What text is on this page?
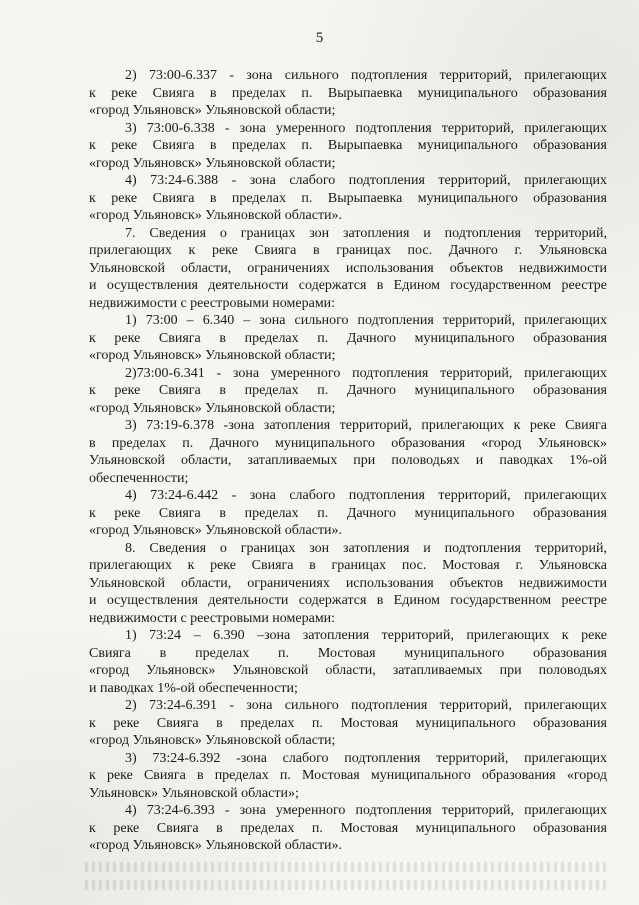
5
2) 73:00-6.337 - зона сильного подтопления территорий, прилегающих
к реке Свияга в пределах п. Вырыпаевка муниципального образования
«город Ульяновск» Ульяновской области;
3) 73:00-6.338 - зона умеренного подтопления территорий, прилегающих
к реке Свияга в пределах п. Вырыпаевка муниципального образования
«город Ульяновск» Ульяновской области;
4) 73:24-6.388 - зона слабого подтопления территорий, прилегающих
к реке Свияга в пределах п. Вырыпаевка муниципального образования
«город Ульяновск» Ульяновской области».
7. Сведения о границах зон затопления и подтопления территорий,
прилегающих к реке Свияга в границах пос. Дачного г. Ульяновска
Ульяновской области, ограничениях использования объектов недвижимости
и осуществления деятельности содержатся в Едином государственном реестре
недвижимости с реестровыми номерами:
1) 73:00 – 6.340 – зона сильного подтопления территорий, прилегающих
к реке Свияга в пределах п. Дачного муниципального образования
«город Ульяновск» Ульяновской области;
2)73:00-6.341 - зона умеренного подтопления территорий, прилегающих
к реке Свияга в пределах п. Дачного муниципального образования
«город Ульяновск» Ульяновской области;
3) 73:19-6.378 -зона затопления территорий, прилегающих к реке Свияга
в пределах п. Дачного муниципального образования «город Ульяновск»
Ульяновской области, затапливаемых при половодьях и паводках 1%-ой
обеспеченности;
4) 73:24-6.442 - зона слабого подтопления территорий, прилегающих
к реке Свияга в пределах п. Дачного муниципального образования
«город Ульяновск» Ульяновской области».
8. Сведения о границах зон затопления и подтопления территорий,
прилегающих к реке Свияга в границах пос. Мостовая г. Ульяновска
Ульяновской области, ограничениях использования объектов недвижимости
и осуществления деятельности содержатся в Едином государственном реестре
недвижимости с реестровыми номерами:
1) 73:24 – 6.390 –зона затопления территорий, прилегающих к реке
Свияга в пределах п. Мостовая муниципального образования
«город Ульяновск» Ульяновской области, затапливаемых при половодьях
и паводках 1%-ой обеспеченности;
2) 73:24-6.391 - зона сильного подтопления территорий, прилегающих
к реке Свияга в пределах п. Мостовая муниципального образования
«город Ульяновск» Ульяновской области;
3) 73:24-6.392 -зона слабого подтопления территорий, прилегающих
к реке Свияга в пределах п. Мостовая муниципального образования «город
Ульяновск» Ульяновской области»;
4) 73:24-6.393 - зона умеренного подтопления территорий, прилегающих
к реке Свияга в пределах п. Мостовая муниципального образования
«город Ульяновск» Ульяновской области».
